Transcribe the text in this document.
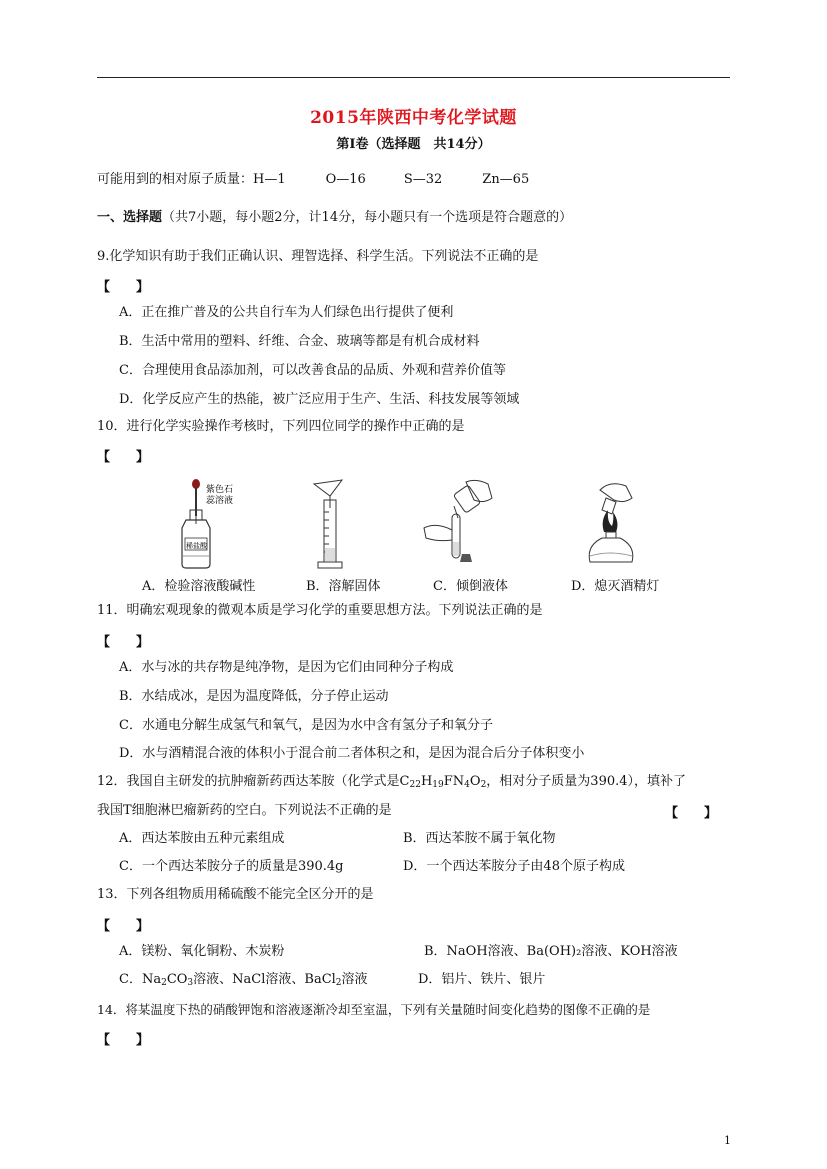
2015年陕西中考化学试题
第Ⅰ卷（选择题　共14分）
可能用到的相对原子质量：H—1	O—16	S—32	Zn—65
一、选择题（共7小题，每小题2分，计14分，每小题只有一个选项是符合题意的）
9.化学知识有助于我们正确认识、理智选择、科学生活。下列说法不正确的是
【　　】
A．正在推广普及的公共自行车为人们绿色出行提供了便利
B．生活中常用的塑料、纤维、合金、玻璃等都是有机合成材料
C．合理使用食品添加剂，可以改善食品的品质、外观和营养价值等
D．化学反应产生的热能，被广泛应用于生产、生活、科技发展等领域
10．进行化学实验操作考核时，下列四位同学的操作中正确的是
【　　】
紫色石
蕊溶液
稀盐酸
A．检验溶液酸碱性	B．溶解固体	C．倾倒液体	D．熄灭酒精灯
11．明确宏观现象的微观本质是学习化学的重要思想方法。下列说法正确的是
【　　】
A．水与冰的共存物是纯净物，是因为它们由同种分子构成
B．水结成冰，是因为温度降低，分子停止运动
C．水通电分解生成氢气和氧气，是因为水中含有氢分子和氧分子
D．水与酒精混合液的体积小于混合前二者体积之和，是因为混合后分子体积变小
12．我国自主研发的抗肿瘤新药西达苯胺（化学式是$C_{22}H_{19}FN_4O_2$，相对分子质量为390.4），填补了
我国T细胞淋巴瘤新药的空白。下列说法不正确的是	【　　】
A．西达苯胺由五种元素组成	B．西达苯胺不属于氧化物
C．一个西达苯胺分子的质量是390.4g	D．一个西达苯胺分子由48个原子构成
13．下列各组物质用稀硫酸不能完全区分开的是
【　　】
A．镁粉、氧化铜粉、木炭粉	B．NaOH溶液、Ba(OH)₂溶液、KOH溶液
C．$Na_2CO_3$溶液、NaCl溶液、BaCl$_2$溶液	D．铝片、铁片、银片
14．将某温度下热的硝酸钾饱和溶液逐渐冷却至室温，下列有关量随时间变化趋势的图像不正确的是
【　　】
1
